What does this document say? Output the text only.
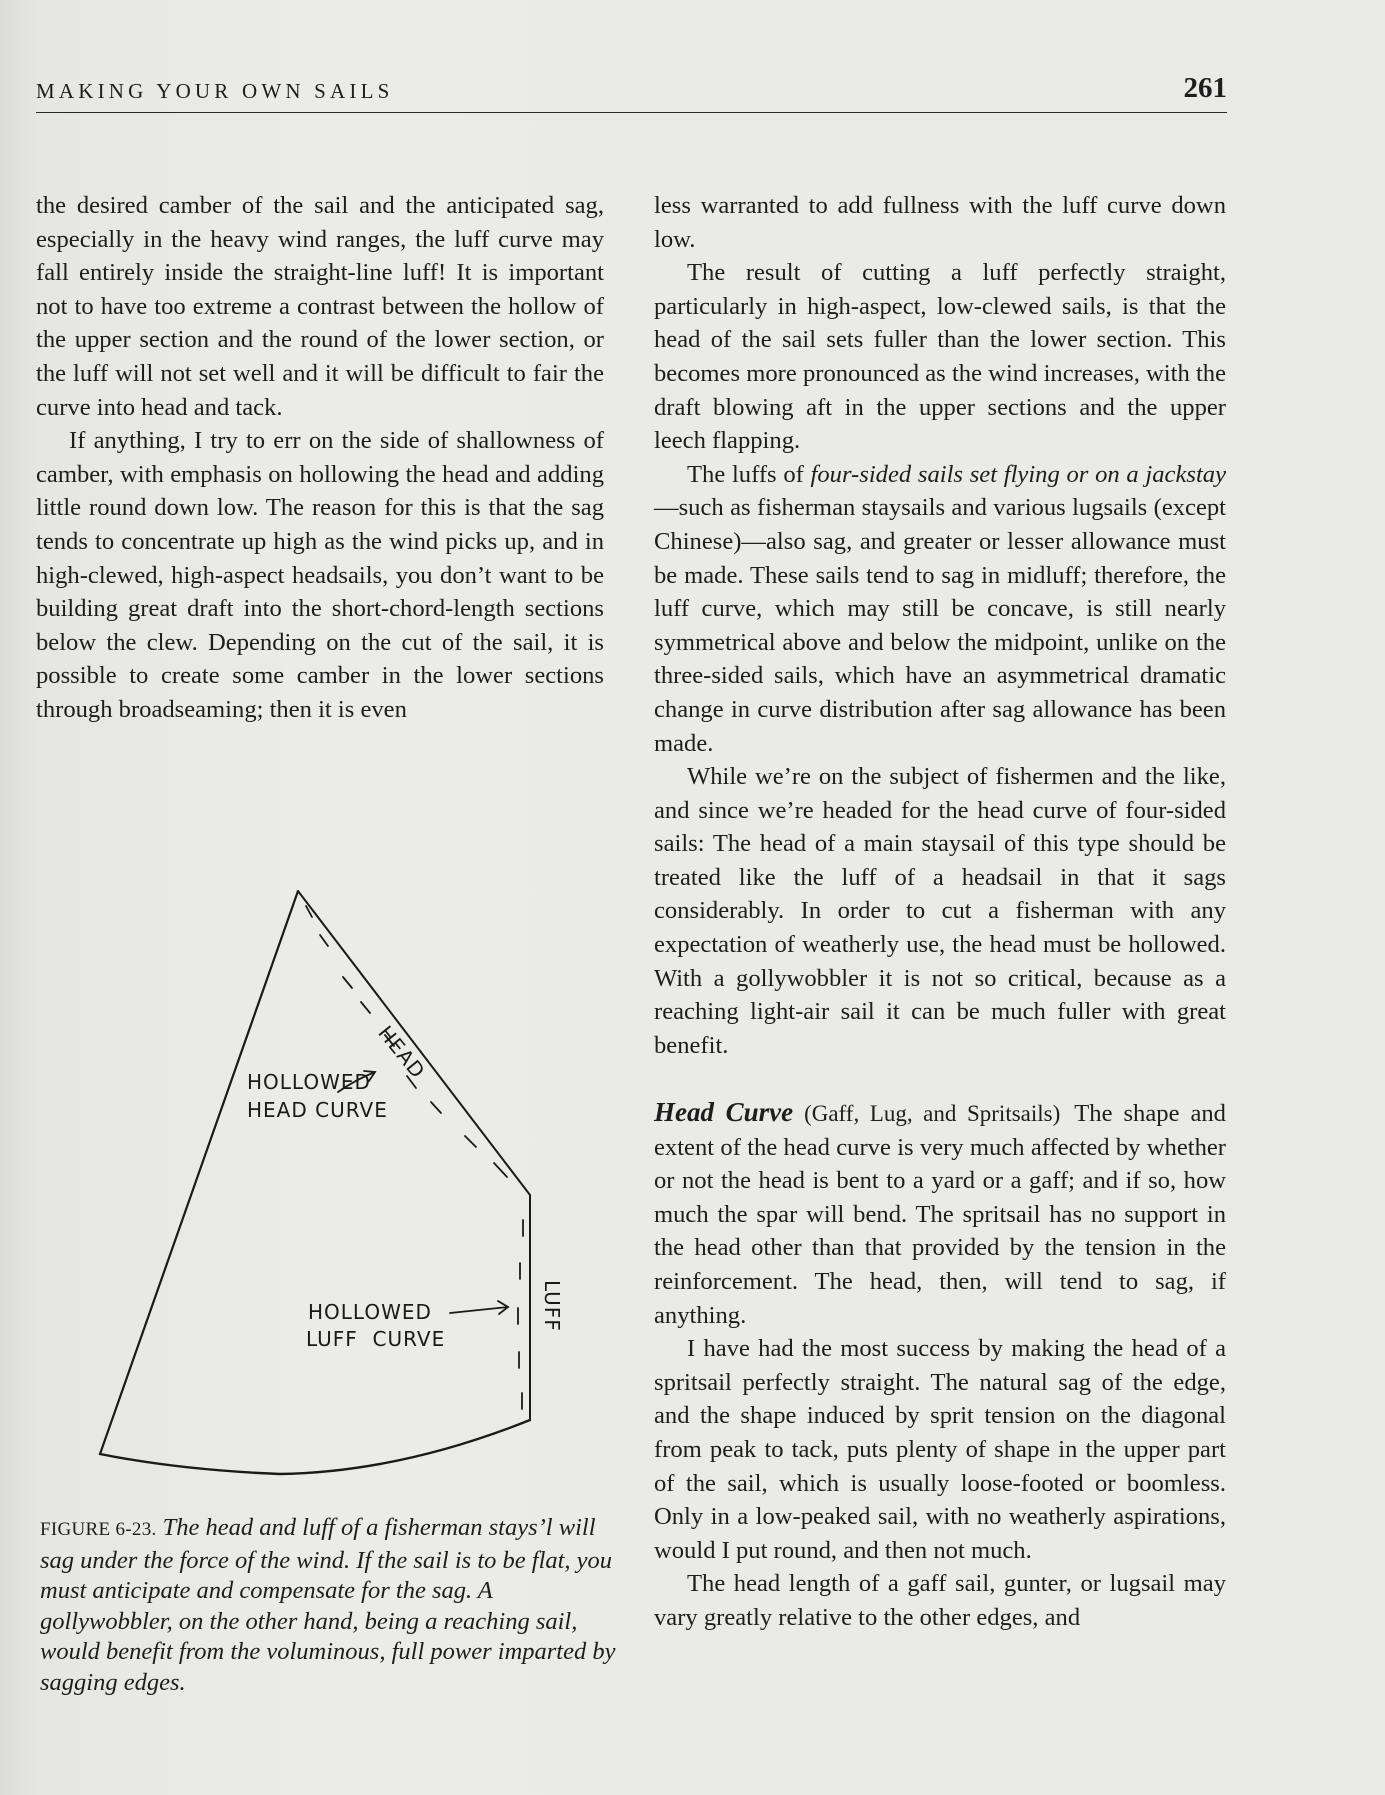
MAKING YOUR OWN SAILS	261

the desired camber of the sail and the anticipated sag, especially in the heavy wind ranges, the luff curve may fall entirely inside the straight-line luff! It is important not to have too extreme a contrast between the hollow of the upper section and the round of the lower section, or the luff will not set well and it will be difficult to fair the curve into head and tack.

If anything, I try to err on the side of shallowness of camber, with emphasis on hollowing the head and adding little round down low. The reason for this is that the sag tends to concentrate up high as the wind picks up, and in high-clewed, high-aspect headsails, you don’t want to be building great draft into the short-chord-length sections below the clew. Depending on the cut of the sail, it is possible to create some camber in the lower sections through broadseaming; then it is even

HEAD
HOLLOWED
HEAD CURVE
HOLLOWED
LUFF  CURVE
LUFF
FIGURE 6-23. The head and luff of a fisherman stays’l will sag under the force of the wind. If the sail is to be flat, you must anticipate and compensate for the sag. A gollywobbler, on the other hand, being a reaching sail, would benefit from the voluminous, full power imparted by sagging edges.

less warranted to add fullness with the luff curve down low.

The result of cutting a luff perfectly straight, particularly in high-aspect, low-clewed sails, is that the head of the sail sets fuller than the lower section. This becomes more pronounced as the wind increases, with the draft blowing aft in the upper sections and the upper leech flapping.

The luffs of four-sided sails set flying or on a jackstay—such as fisherman staysails and various lugsails (except Chinese)—also sag, and greater or lesser allowance must be made. These sails tend to sag in midluff; therefore, the luff curve, which may still be concave, is still nearly symmetrical above and below the midpoint, unlike on the three-sided sails, which have an asymmetrical dramatic change in curve distribution after sag allowance has been made.

While we’re on the subject of fishermen and the like, and since we’re headed for the head curve of four-sided sails: The head of a main staysail of this type should be treated like the luff of a headsail in that it sags considerably. In order to cut a fisherman with any expectation of weatherly use, the head must be hollowed. With a gollywobbler it is not so critical, because as a reaching light-air sail it can be much fuller with great benefit.

Head Curve (Gaff, Lug, and Spritsails) The shape and extent of the head curve is very much affected by whether or not the head is bent to a yard or a gaff; and if so, how much the spar will bend. The spritsail has no support in the head other than that provided by the tension in the reinforcement. The head, then, will tend to sag, if anything.

I have had the most success by making the head of a spritsail perfectly straight. The natural sag of the edge, and the shape induced by sprit tension on the diagonal from peak to tack, puts plenty of shape in the upper part of the sail, which is usually loose-footed or boomless. Only in a low-peaked sail, with no weatherly aspirations, would I put round, and then not much.

The head length of a gaff sail, gunter, or lugsail may vary greatly relative to the other edges, and
